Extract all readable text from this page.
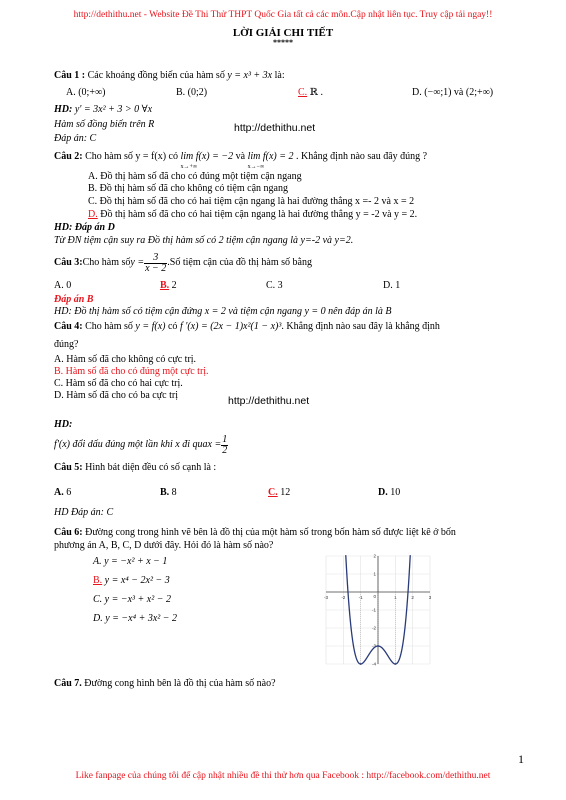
http://dethithu.net - Website Đề Thi Thử THPT Quốc Gia tất cả các môn.Cập nhật liên tục. Truy cập tải ngay!!
LỜI GIẢI CHI TIẾT
*****
Câu 1 : Các khoảng đồng biến của hàm số y = x³ + 3x là:
A. (0;+∞)	B. (0;2)	C. ℝ .	D. (−∞;1) và (2;+∞)
HD: y' = 3x² + 3 > 0 ∀x
Hàm số đồng biến trên R	http://dethithu.net
Đáp án: C
Câu 2: Cho hàm số y = f(x) có lim f(x) = −2
x→+∞
và lim f(x) = 2
x→−∞
. Khẳng định nào sau đây đúng ?
A. Đồ thị hàm số đã cho có đúng một tiệm cận ngang
B. Đồ thị hàm số đã cho không có tiệm cận ngang
C. Đồ thị hàm số đã cho có hai tiệm cận ngang là hai đường thẳng x =- 2 và x = 2
D. Đồ thị hàm số đã cho có hai tiệm cận ngang là hai đường thẳng y = -2 và y = 2.
HD: Đáp án D
Từ ĐN tiệm cận suy ra Đồ thị hàm số có 2 tiệm cận ngang là y=-2 và y=2.
Câu 3: Cho hàm số $y = \frac{3}{x - 2}$ .Số tiệm cận của đồ thị hàm số bằng
A. 0	B. 2	C. 3	D. 1
Đáp án B
HD: Đồ thị hàm số có tiệm cận đứng x = 2 và tiệm cận ngang y = 0 nên đáp án là B
Câu 4: Cho hàm số y = f(x) có f '(x) = (2x − 1)x²(1 − x)³. Khẳng định nào sau đây là khẳng định
đúng?
A. Hàm số đã cho không có cực trị.
B. Hàm số đã cho có đúng một cực trị.
C. Hàm số đã cho có hai cực trị.
D. Hàm số đã cho có ba cực trị	http://dethithu.net
HD:
f'(x) đổi dấu đúng một lần khi x đi qua $x = \frac{1}{2}$
Câu 5: Hình bát diện đều có số cạnh là :
A. 6	B. 8	C. 12	D. 10
HD Đáp án: C
Câu 6: Đường cong trong hình vẽ bên là đồ thị của một hàm số trong bốn hàm số được liệt kê ở bốn
phương án A, B, C, D dưới đây. Hỏi đó là hàm số nào?
A. y = −x² + x − 1
B. y = x⁴ − 2x² − 3
C. y = −x³ + x² − 2
D. y = −x⁴ + 3x² − 2
-3	-2	-1	1	2	3
2
1
-1
-2
-3
-4
0
Câu 7. Đường cong hình bên là đồ thị của hàm số nào?
1
Like fanpage của chúng tôi để cập nhật nhiều đề thi thử hơn qua Facebook : http://facebook.com/dethithu.net
